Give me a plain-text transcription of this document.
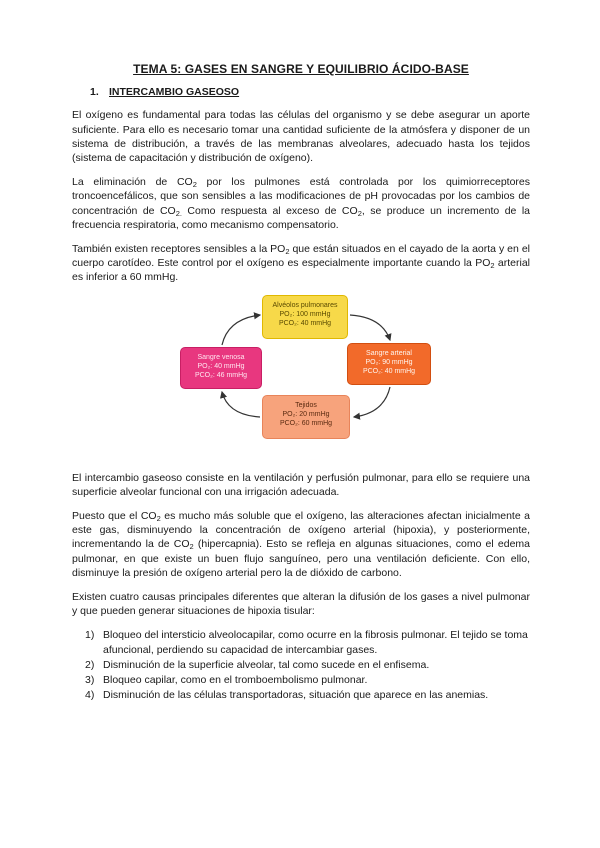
TEMA 5: GASES EN SANGRE Y EQUILIBRIO ÁCIDO-BASE
1. INTERCAMBIO GASEOSO

El oxígeno es fundamental para todas las células del organismo y se debe asegurar un aporte suficiente. Para ello es necesario tomar una cantidad suficiente de la atmósfera y disponer de un sistema de distribución, a través de las membranas alveolares, adecuado hasta los tejidos (sistema de capacitación y distribución de oxígeno).

La eliminación de $CO_2$ por los pulmones está controlada por los quimiorreceptores troncoencefálicos, que son sensibles a las modificaciones de pH provocadas por los cambios de concentración de $CO_{2.}$ Como respuesta al exceso de $CO_2$, se produce un incremento de la frecuencia respiratoria, como mecanismo compensatorio.

También existen receptores sensibles a la $PO_2$ que están situados en el cayado de la aorta y en el cuerpo carotídeo. Este control por el oxígeno es especialmente importante cuando la $PO_2$ arterial es inferior a 60 mmHg.

Alvéolos pulmonares
PO₂: 100 mmHg
PCO₂: 40 mmHg
Sangre arterial
PO₂: 90 mmHg
PCO₂: 40 mmHg
Sangre venosa
PO₂: 40 mmHg
PCO₂: 46 mmHg
Tejidos
PO₂: 20 mmHg
PCO₂: 60 mmHg

El intercambio gaseoso consiste en la ventilación y perfusión pulmonar, para ello se requiere una superficie alveolar funcional con una irrigación adecuada.

Puesto que el $CO_2$ es mucho más soluble que el oxígeno, las alteraciones afectan inicialmente a este gas, disminuyendo la concentración de oxígeno arterial (hipoxia), y posteriormente, incrementando la de $CO_2$ (hipercapnia). Esto se refleja en algunas situaciones, como el edema pulmonar, en que existe un buen flujo sanguíneo, pero una ventilación deficiente. Con ello, disminuye la presión de oxígeno arterial pero la de dióxido de carbono.

Existen cuatro causas principales diferentes que alteran la difusión de los gases a nivel pulmonar y que pueden generar situaciones de hipoxia tisular:

1) Bloqueo del intersticio alveolocapilar, como ocurre en la fibrosis pulmonar. El tejido se toma afuncional, perdiendo su capacidad de intercambiar gases.
2) Disminución de la superficie alveolar, tal como sucede en el enfisema.
3) Bloqueo capilar, como en el tromboembolismo pulmonar.
4) Disminución de las células transportadoras, situación que aparece en las anemias.
